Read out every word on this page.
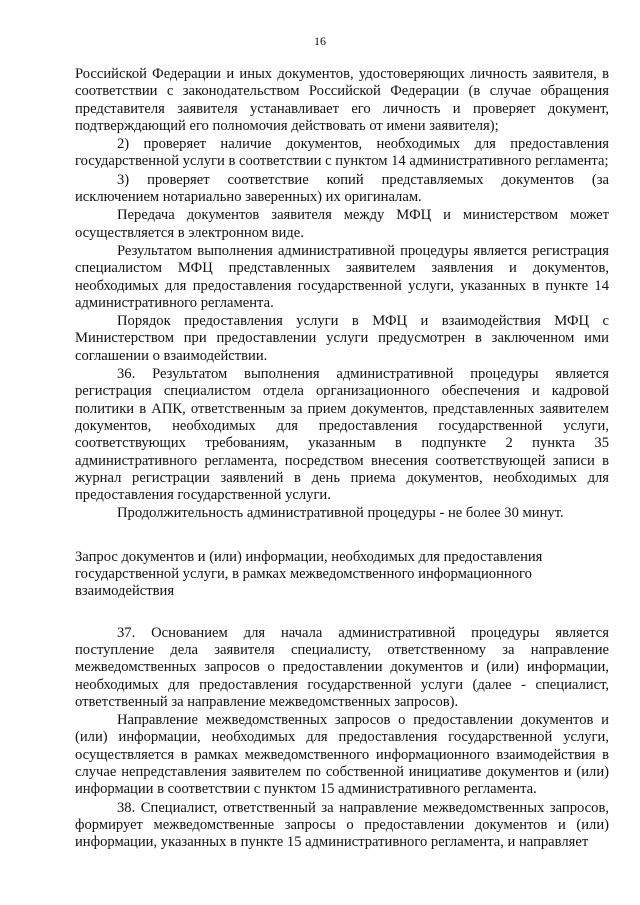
16

Российской Федерации и иных документов, удостоверяющих личность заявителя, в соответствии с законодательством Российской Федерации (в случае обращения представителя заявителя устанавливает его личность и проверяет документ, подтверждающий его полномочия действовать от имени заявителя);

2) проверяет наличие документов, необходимых для предоставления государственной услуги в соответствии с пунктом 14 административного регламента;

3) проверяет соответствие копий представляемых документов (за исключением нотариально заверенных) их оригиналам.

Передача документов заявителя между МФЦ и министерством может осуществляется в электронном виде.

Результатом выполнения административной процедуры является регистрация специалистом МФЦ представленных заявителем заявления и документов, необходимых для предоставления государственной услуги, указанных в пункте 14 административного регламента.

Порядок предоставления услуги в МФЦ и взаимодействия МФЦ с Министерством при предоставлении услуги предусмотрен в заключенном ими соглашении о взаимодействии.

36. Результатом выполнения административной процедуры является регистрация специалистом отдела организационного обеспечения и кадровой политики в АПК, ответственным за прием документов, представленных заявителем документов, необходимых для предоставления государственной услуги, соответствующих требованиям, указанным в подпункте 2 пункта 35 административного регламента, посредством внесения соответствующей записи в журнал регистрации заявлений в день приема документов, необходимых для предоставления государственной услуги.

Продолжительность административной процедуры - не более 30 минут.

Запрос документов и (или) информации, необходимых для предоставления
государственной услуги, в рамках межведомственного информационного
взаимодействия

37. Основанием для начала административной процедуры является поступление дела заявителя специалисту, ответственному за направление межведомственных запросов о предоставлении документов и (или) информации, необходимых для предоставления государственной услуги (далее - специалист, ответственный за направление межведомственных запросов).

Направление межведомственных запросов о предоставлении документов и (или) информации, необходимых для предоставления государственной услуги, осуществляется в рамках межведомственного информационного взаимодействия в случае непредставления заявителем по собственной инициативе документов и (или) информации в соответствии с пунктом 15 административного регламента.

38. Специалист, ответственный за направление межведомственных запросов, формирует межведомственные запросы о предоставлении документов и (или) информации, указанных в пункте 15 административного регламента, и направляет
